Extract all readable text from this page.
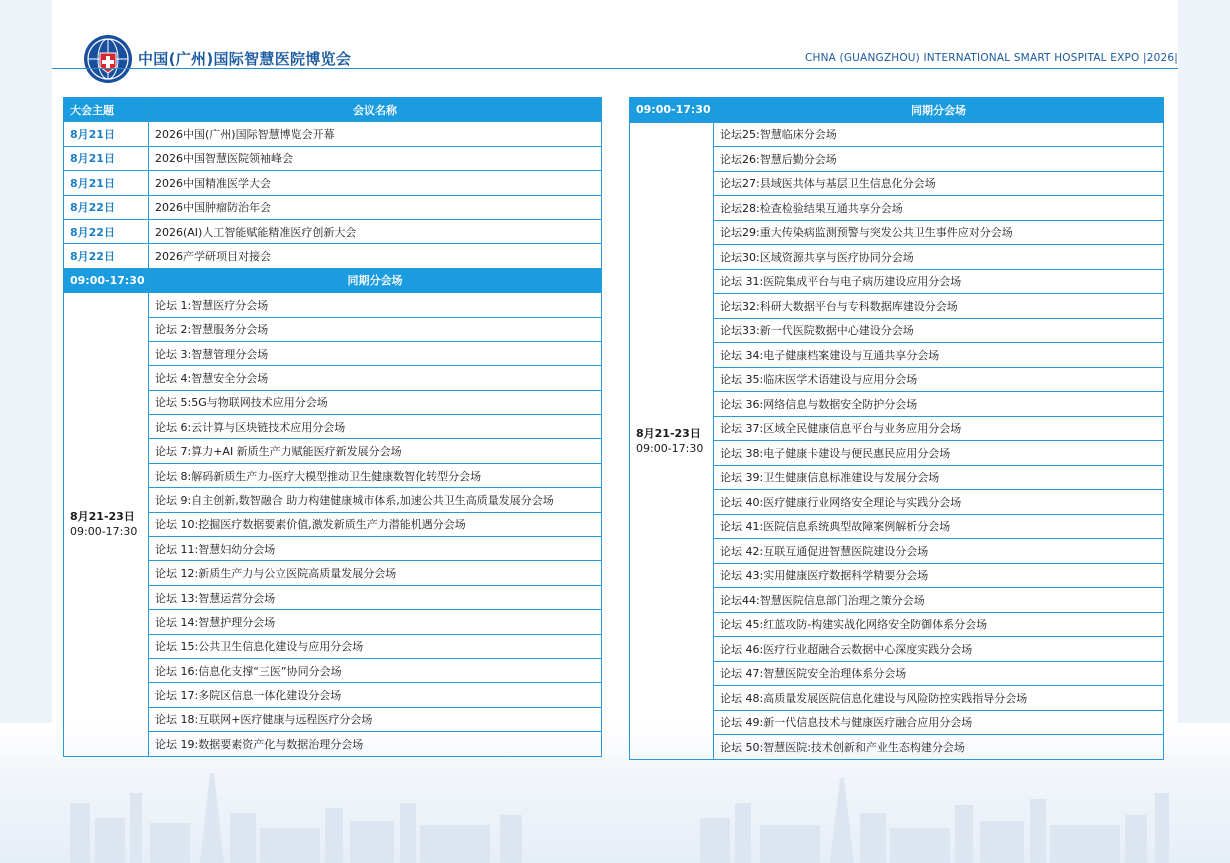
中国(广州)国际智慧医院博览会	CHNA (GUANGZHOU) INTERNATIONAL SMART HOSPITAL EXPO |2026|
大会主题	会议名称
8月21日	2026中国(广州)国际智慧博览会开幕
8月21日	2026中国智慧医院领袖峰会
8月21日	2026中国精准医学大会
8月22日	2026中国肿瘤防治年会
8月22日	2026(AI)人工智能赋能精准医疗创新大会
8月22日	2026产学研项目对接会
09:00-17:30	同期分会场

8月21-23日
09:00-17:30	论坛 1:智慧医疗分会场
	论坛 2:智慧服务分会场
	论坛 3:智慧管理分会场
	论坛 4:智慧安全分会场
	论坛 5:5G与物联网技术应用分会场
	论坛 6:云计算与区块链技术应用分会场
	论坛 7:算力+AI 新质生产力赋能医疗新发展分会场
	论坛 8:解码新质生产力-医疗大模型推动卫生健康数智化转型分会场
	论坛 9:自主创新,数智融合 助力构建健康城市体系,加速公共卫生高质量发展分会场
	论坛 10:挖掘医疗数据要素价值,激发新质生产力潜能机遇分会场
	论坛 11:智慧妇幼分会场
	论坛 12:新质生产力与公立医院高质量发展分会场
	论坛 13:智慧运营分会场
	论坛 14:智慧护理分会场
	论坛 15:公共卫生信息化建设与应用分会场
	论坛 16:信息化支撑“三医”协同分会场
	论坛 17:多院区信息一体化建设分会场
	论坛 18:互联网+医疗健康与远程医疗分会场
	论坛 19:数据要素资产化与数据治理分会场
09:00-17:30	同期分会场

8月21-23日
09:00-17:30	论坛25:智慧临床分会场
	论坛26:智慧后勤分会场
	论坛27:县域医共体与基层卫生信息化分会场
	论坛28:检查检验结果互通共享分会场
	论坛29:重大传染病监测预警与突发公共卫生事件应对分会场
	论坛30:区域资源共享与医疗协同分会场
	论坛 31:医院集成平台与电子病历建设应用分会场
	论坛32:科研大数据平台与专科数据库建设分会场
	论坛33:新一代医院数据中心建设分会场
	论坛 34:电子健康档案建设与互通共享分会场
	论坛 35:临床医学术语建设与应用分会场
	论坛 36:网络信息与数据安全防护分会场
	论坛 37:区域全民健康信息平台与业务应用分会场
	论坛 38:电子健康卡建设与便民惠民应用分会场
	论坛 39:卫生健康信息标准建设与发展分会场
	论坛 40:医疗健康行业网络安全理论与实践分会场
	论坛 41:医院信息系统典型故障案例解析分会场
	论坛 42:互联互通促进智慧医院建设分会场
	论坛 43:实用健康医疗数据科学精要分会场
	论坛44:智慧医院信息部门治理之策分会场
	论坛 45:红蓝攻防-构建实战化网络安全防御体系分会场
	论坛 46:医疗行业超融合云数据中心深度实践分会场
	论坛 47:智慧医院安全治理体系分会场
	论坛 48:高质量发展医院信息化建设与风险防控实践指导分会场
	论坛 49:新一代信息技术与健康医疗融合应用分会场
	论坛 50:智慧医院:技术创新和产业生态构建分会场
